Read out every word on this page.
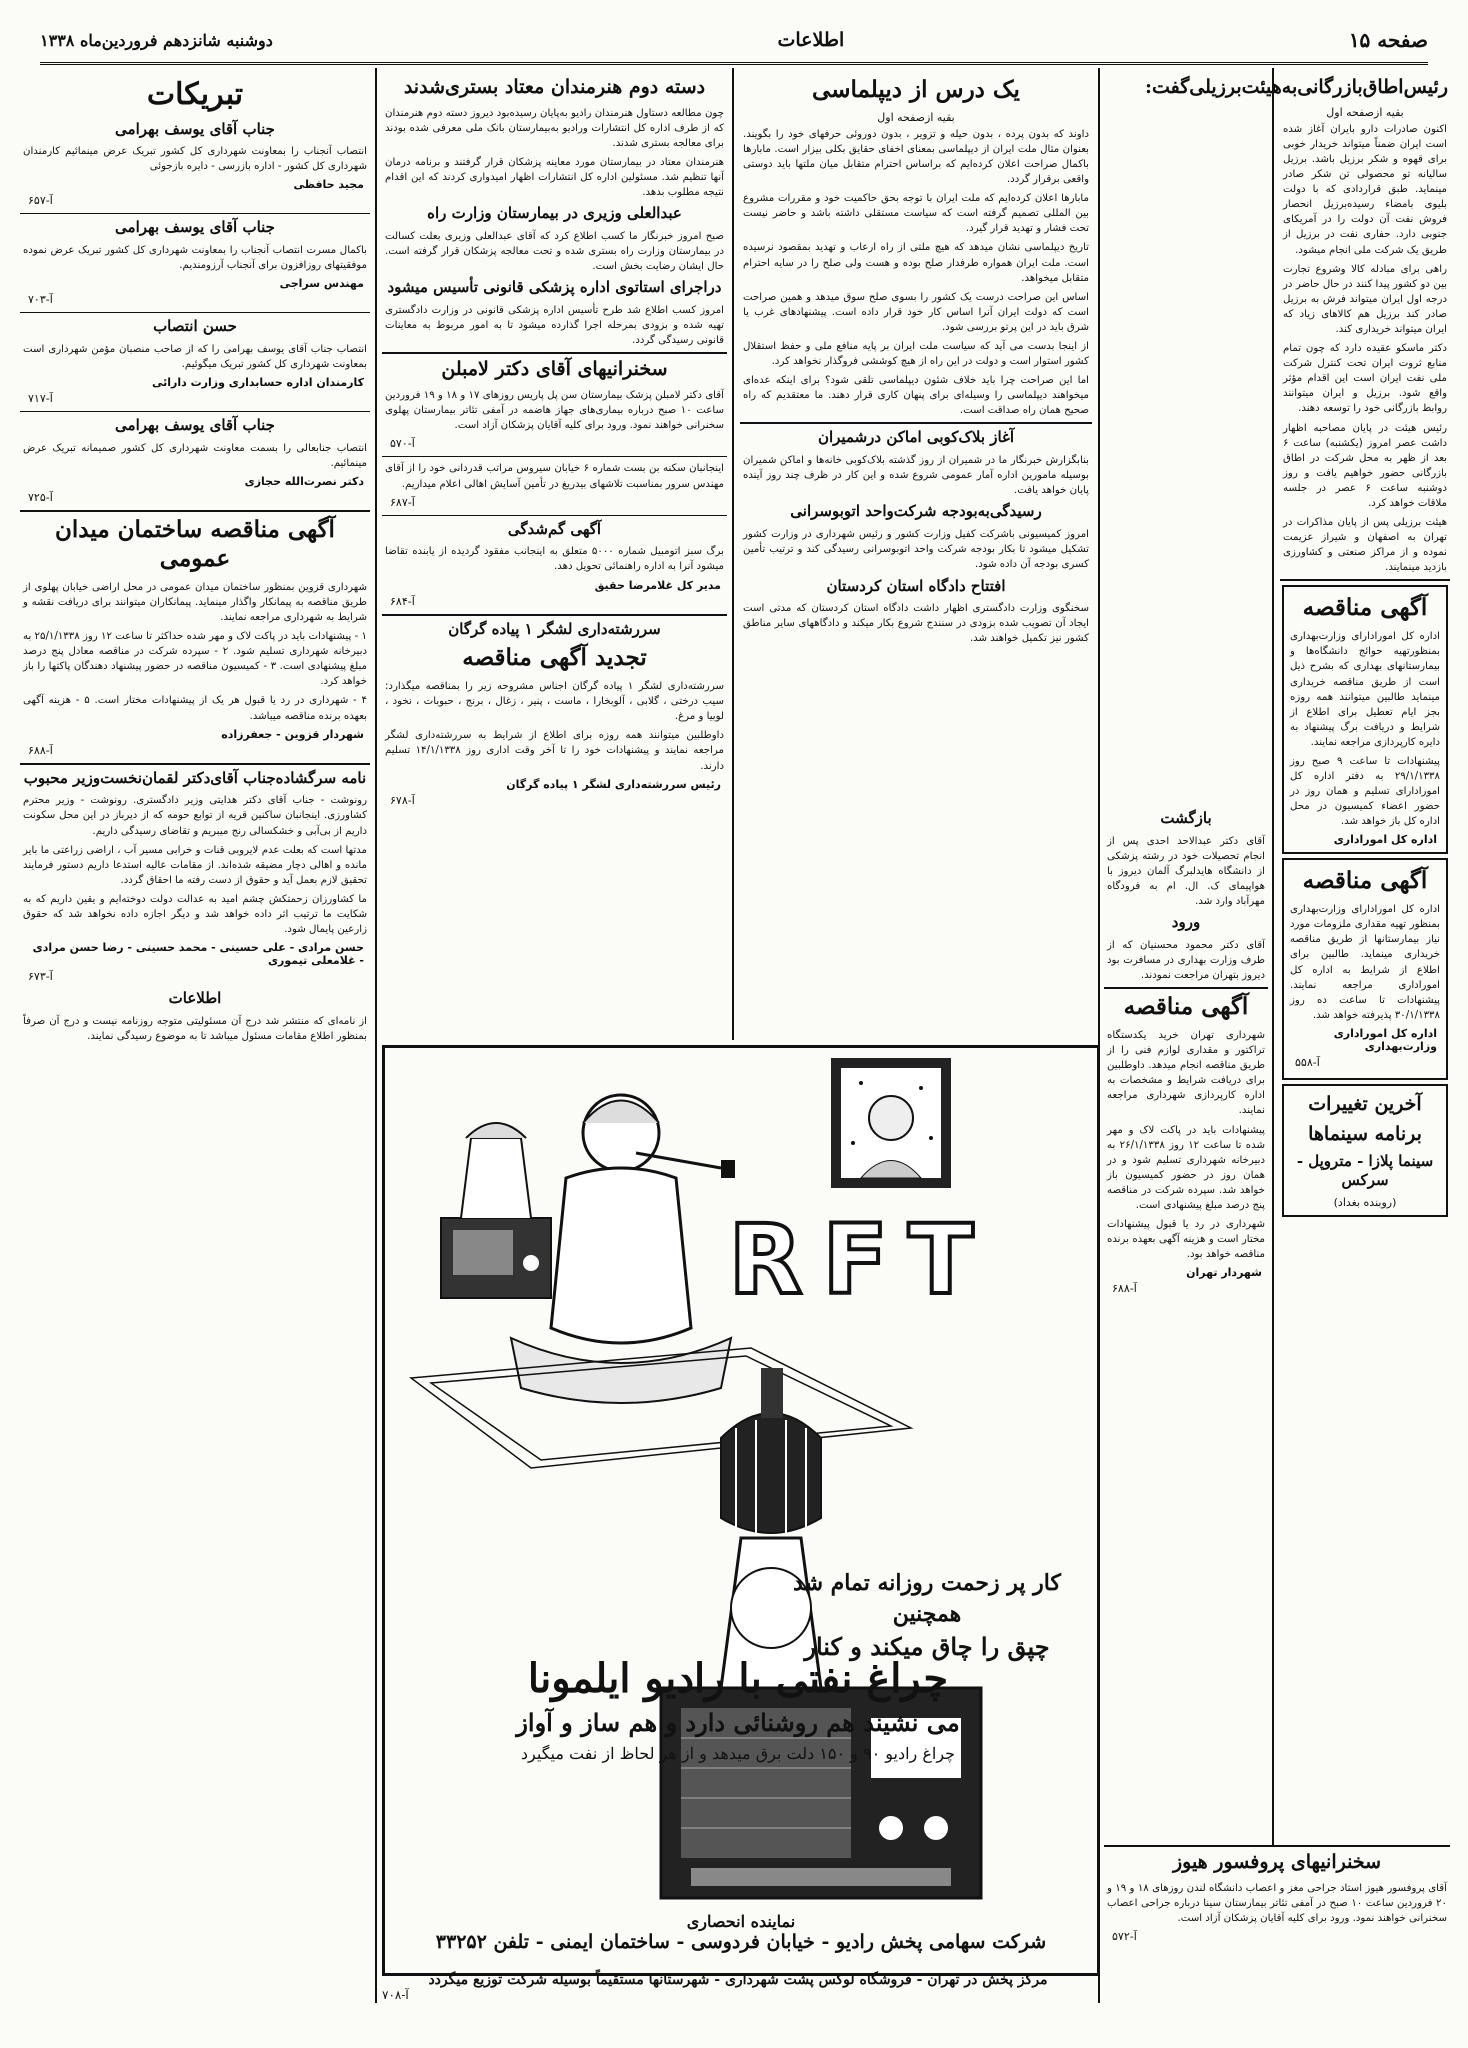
صفحه ۱۵
اطلاعات
دوشنبه شانزدهم فروردین‌ماه ۱۳۳۸
رئیس‌اطاق‌بازرگانی‌به‌هیئت‌برزیلی‌گفت:
بقیه ازصفحه اول

اکنون صادرات دارو بایران آغاز شده است ایران ضمناً میتواند خریدار خوبی برای قهوه و شکر برزیل باشد. برزیل سالیانه تو محصولی تن شکر صادر مینماید. طبق قراردادی که با دولت بلیوی بامضاء رسیده‌برزیل انحصار فروش نفت آن دولت را در آمریکای جنوبی دارد. حفاری نفت در برزیل از طریق یک شرکت ملی انجام میشود.

راهی برای مبادله کالا وشروع تجارت بین دو کشور پیدا کنند در حال حاضر در درجه اول ایران میتواند فرش به برزیل صادر کند برزیل هم کالاهای زیاد که ایران میتواند خریداری کند.

دکتر ماسکو عقیده دارد که چون تمام منابع ثروت ایران تحت کنترل شرکت ملی نفت ایران است این اقدام مؤثر واقع شود. برزیل و ایران میتوانند روابط بازرگانی خود را توسعه دهند.

رئیس هیئت در پایان مصاحبه اظهار داشت عصر امروز (یکشنبه) ساعت ۶ بعد از ظهر به محل شرکت در اطاق بازرگانی حضور خواهیم یافت و روز دوشنبه ساعت ۶ عصر در جلسه ملاقات خواهد کرد.

هیئت برزیلی پس از پایان مذاکرات در تهران به اصفهان و شیراز عزیمت نموده و از مراکز صنعتی و کشاورزی بازدید مینمایند.

آگهی مناقصه

اداره کل امورادارای وزارت‌بهداری بمنظورتهیه حوائج دانشگاه‌ها و بیمارستانهای بهداری که بشرح ذیل است از طریق مناقصه خریداری مینماید طالبین میتوانند همه روزه بجز ایام تعطیل برای اطلاع از شرایط و دریافت برگ پیشنهاد به دایره کارپردازی مراجعه نمایند.

پیشنهادات تا ساعت ۹ صبح روز ۲۹/۱/۱۳۳۸ به دفتر اداره کل امورادارای تسلیم و همان روز در حضور اعضاء کمیسیون در محل اداره کل باز خواهد شد.

اداره کل اموراداری
آگهی مناقصه

اداره کل امورادارای وزارت‌بهداری بمنظور تهیه مقداری ملزومات مورد نیاز بیمارستانها از طریق مناقصه خریداری مینماید. طالبین برای اطلاع از شرایط به اداره کل اموراداری مراجعه نمایند. پیشنهادات تا ساعت ده روز ۳۰/۱/۱۳۳۸ پذیرفته خواهد شد.

اداره کل اموراداری وزارت‌بهداری
آ-۵۵۸
آخرین تغییرات
برنامه سینماها
سینما پلازا - متروپل - سرکس
(روبنده بغداد)
یک درس از دیپلماسی
بقیه ازصفحه اول

داوند که بدون پرده ، بدون حیله و تزویر ، بدون دوروئی حرفهای خود را بگویند. بعنوان مثال ملت ایران از دیپلماسی بمعنای اخفای حقایق بکلی بیزار است. مابارها باکمال صراحت اعلان کرده‌ایم که براساس احترام متقابل میان ملتها باید دوستی واقعی برقرار گردد.

مابارها اعلان کرده‌ایم که ملت ایران با توجه بحق حاکمیت خود و مقررات مشروع بین المللی تصمیم گرفته است که سیاست مستقلی داشته باشد و حاضر نیست تحت فشار و تهدید قرار گیرد.

تاریخ دیپلماسی نشان میدهد که هیچ ملتی از راه ارعاب و تهدید بمقصود نرسیده است. ملت ایران همواره طرفدار صلح بوده و هست ولی صلح را در سایه احترام متقابل میخواهد.

اساس این صراحت درست یک کشور را بسوی صلح سوق میدهد و همین صراحت است که دولت ایران آنرا اساس کار خود قرار داده است. پیشنهادهای غرب یا شرق باید در این پرتو بررسی شود.

از اینجا بدست می آید که سیاست ملت ایران بر پایه منافع ملی و حفظ استقلال کشور استوار است و دولت در این راه از هیچ کوششی فروگذار نخواهد کرد.

اما این صراحت چرا باید خلاف شئون دیپلماسی تلقی شود؟ برای اینکه عده‌ای میخواهند دیپلماسی را وسیله‌ای برای پنهان کاری قرار دهند. ما معتقدیم که راه صحیح همان راه صداقت است.

آغاز بلاک‌کوبی اماکن درشمیران

بنابگزارش خبرنگار ما در شمیران از روز گذشته بلاک‌کوبی خانه‌ها و اماکن شمیران بوسیله مامورین اداره آمار عمومی شروع شده و این کار در ظرف چند روز آینده پایان خواهد یافت.

رسیدگی‌به‌بودجه شرکت‌واحد اتوبوسرانی

امروز کمیسیونی باشرکت کفیل وزارت کشور و رئیس شهرداری در وزارت کشور تشکیل میشود تا بکار بودجه شرکت واحد اتوبوسرانی رسیدگی کند و ترتیب تأمین کسری بودجه آن داده شود.

افتتاح دادگاه استان کردستان

سخنگوی وزارت دادگستری اظهار داشت دادگاه استان کردستان که مدتی است ایجاد آن تصویب شده بزودی در سنندج شروع بکار میکند و دادگاههای سایر مناطق کشور نیز تکمیل خواهند شد.

دسته دوم هنرمندان معتاد بستری‌شدند

چون مطالعه دستاول هنرمندان رادیو به‌پایان رسیده‌بود دیروز دسته دوم هنرمندان که از طرف اداره کل انتشارات ورادیو به‌بیمارستان بانک ملی معرفی شده بودند برای معالجه بستری شدند.

هنرمندان معتاد در بیمارستان مورد معاینه پزشکان قرار گرفتند و برنامه درمان آنها تنظیم شد. مسئولین اداره کل انتشارات اظهار امیدواری کردند که این اقدام نتیجه مطلوب بدهد.

عبدالعلی وزیری در بیمارستان وزارت راه

صبح امروز خبرنگار ما کسب اطلاع کرد که آقای عبدالعلی وزیری بعلت کسالت در بیمارستان وزارت راه بستری شده و تحت معالجه پزشکان قرار گرفته است. حال ایشان رضایت بخش است.

دراجرای استاتوی اداره پزشکی قانونی تأسیس میشود

امروز کسب اطلاع شد طرح تأسیس اداره پزشکی قانونی در وزارت دادگستری تهیه شده و بزودی بمرحله اجرا گذارده میشود تا به امور مربوط به معاینات قانونی رسیدگی گردد.

سخنرانیهای آقای دکتر لامبلن

آقای دکتر لامبلن پزشک بیمارستان سن پل پاریس روزهای ۱۷ و ۱۸ و ۱۹ فروردین ساعت ۱۰ صبح درباره بیماری‌های جهاز هاضمه در آمفی تئاتر بیمارستان پهلوی سخنرانی خواهند نمود. ورود برای کلیه آقایان پزشکان آزاد است.

آ-۵۷۰

اینجانبان سکنه بن بست شماره ۶ خیابان سیروس مراتب قدردانی خود را از آقای مهندس سرور بمناسبت تلاشهای بیدریغ در تأمین آسایش اهالی اعلام میداریم.

آ-۶۸۷
آگهی گم‌شدگی

برگ سبز اتومبیل شماره ۵۰۰۰ متعلق به اینجانب مفقود گردیده از یابنده تقاضا میشود آنرا به اداره راهنمائی تحویل دهد.

مدیر کل غلامرضا حقیق
آ-۶۸۴
سررشته‌داری لشگر ۱ پیاده گرگان
تجدید آگهی مناقصه

سررشته‌داری لشگر ۱ پیاده گرگان اجناس مشروحه زیر را بمناقصه میگذارد: سیب درختی ، گلابی ، آلوبخارا ، ماست ، پنیر ، زغال ، برنج ، حبوبات ، نخود ، لوبیا و مرغ.

داوطلبین میتوانند همه روزه برای اطلاع از شرایط به سررشته‌داری لشگر مراجعه نمایند و پیشنهادات خود را تا آخر وقت اداری روز ۱۴/۱/۱۳۳۸ تسلیم دارند.

رئیس سررشته‌داری لشگر ۱ پیاده گرگان
آ-۶۷۸
تبریکات
جناب آقای یوسف بهرامی

انتصاب آنجناب را بمعاونت شهرداری کل کشور تبریک عرض مینمائیم کارمندان شهرداری کل کشور - اداره بازرسی - دایره بازجوئی

مجید حافظی
آ-۶۵۷
جناب آقای یوسف بهرامی

باکمال مسرت انتصاب آنجناب را بمعاونت شهرداری کل کشور تبریک عرض نموده موفقیتهای روزافزون برای آنجناب آرزومندیم.

مهندس سراجی
آ-۷۰۳
حسن انتصاب

انتصاب جناب آقای یوسف بهرامی را که از صاحب منصبان مؤمن شهرداری است بمعاونت شهرداری کل کشور تبریک میگوئیم.

کارمندان اداره حسابداری وزارت دارائی
آ-۷۱۷
جناب آقای یوسف بهرامی

انتصاب جنابعالی را بسمت معاونت شهرداری کل کشور صمیمانه تبریک عرض مینمائیم.

دکتر نصرت‌الله حجازی
آ-۷۲۵
آگهی مناقصه ساختمان میدان عمومی

شهرداری قزوین بمنظور ساختمان میدان عمومی در محل اراضی خیابان پهلوی از طریق مناقصه به پیمانکار واگذار مینماید. پیمانکاران میتوانند برای دریافت نقشه و شرایط به شهرداری مراجعه نمایند.

۱ - پیشنهادات باید در پاکت لاک و مهر شده حداکثر تا ساعت ۱۲ روز ۲۵/۱/۱۳۳۸ به دبیرخانه شهرداری تسلیم شود. ۲ - سپرده شرکت در مناقصه معادل پنج درصد مبلغ پیشنهادی است. ۳ - کمیسیون مناقصه در حضور پیشنهاد دهندگان پاکتها را باز خواهد کرد.

۴ - شهرداری در رد یا قبول هر یک از پیشنهادات مختار است. ۵ - هزینه آگهی بعهده برنده مناقصه میباشد.

شهردار قزوین - جعفرزاده
آ-۶۸۸
نامه سرگشاده‌جناب آقای‌دکتر لقمان‌نخست‌وزیر محبوب

رونوشت - جناب آقای دکتر هدایتی وزیر دادگستری. رونوشت - وزیر محترم کشاورزی. اینجانبان ساکنین قریه از توابع حومه که از دیرباز در این محل سکونت داریم از بی‌آبی و خشکسالی رنج میبریم و تقاضای رسیدگی داریم.

مدتها است که بعلت عدم لایروبی قنات و خرابی مسیر آب ، اراضی زراعتی ما بایر مانده و اهالی دچار مضیقه شده‌اند. از مقامات عالیه استدعا داریم دستور فرمایند تحقیق لازم بعمل آید و حقوق از دست رفته ما احقاق گردد.

ما کشاورزان زحمتکش چشم امید به عدالت دولت دوخته‌ایم و یقین داریم که به شکایت ما ترتیب اثر داده خواهد شد و دیگر اجازه داده نخواهد شد که حقوق زارعین پایمال شود.

حسن مرادی - علی حسینی - محمد حسینی - رضا حسن مرادی - غلامعلی تیموری
آ-۶۷۳
اطلاعات

از نامه‌ای که منتشر شد درج آن مسئولیتی متوجه روزنامه نیست و درج آن صرفاً بمنظور اطلاع مقامات مسئول میباشد تا به موضوع رسیدگی نمایند.

بازگشت

آقای دکتر عبدالاحد احدی پس از انجام تحصیلات خود در رشته پزشکی از دانشگاه هایدلبرگ آلمان دیروز با هواپیمای ک. ال. ام به فرودگاه مهرآباد وارد شد.

ورود

آقای دکتر محمود محسنیان که از طرف وزارت بهداری در مسافرت بود دیروز بتهران مراجعت نمودند.

آگهی مناقصه

شهرداری تهران خرید یکدستگاه تراکتور و مقداری لوازم فنی را از طریق مناقصه انجام میدهد. داوطلبین برای دریافت شرایط و مشخصات به اداره کارپردازی شهرداری مراجعه نمایند.

پیشنهادات باید در پاکت لاک و مهر شده تا ساعت ۱۲ روز ۲۶/۱/۱۳۳۸ به دبیرخانه شهرداری تسلیم شود و در همان روز در حضور کمیسیون باز خواهد شد. سپرده شرکت در مناقصه پنج درصد مبلغ پیشنهادی است.

شهرداری در رد یا قبول پیشنهادات مختار است و هزینه آگهی بعهده برنده مناقصه خواهد بود.

شهردار تهران
آ-۶۸۸
سخنرانیهای پروفسور هیوز

آقای پروفسور هیوز استاد جراحی مغز و اعصاب دانشگاه لندن روزهای ۱۸ و ۱۹ و ۲۰ فروردین ساعت ۱۰ صبح در آمفی تئاتر بیمارستان سینا درباره جراحی اعصاب سخنرانی خواهند نمود. ورود برای کلیه آقایان پزشکان آزاد است.

آ-۵۷۲
RFT
کار پر زحمت روزانه تمام شد همچنین
چپق را چاق میکند و کنار
چراغ نفتی با رادیو ایلمونا
می نشیند هم روشنائی دارد و هم ساز و آواز
چراغ رادیو ۹۰ و ۱۵۰ دلت برق میدهد و از هر لحاظ از نفت میگیرد
نماینده انحصاری
شرکت سهامی پخش رادیو - خیابان فردوسی - ساختمان ایمنی - تلفن ۳۳۲۵۲
مرکز پخش در تهران - فروشگاه لوکس پشت شهرداری - شهرستانها مستقیماً بوسیله شرکت توزیع میگردد
آ-۷۰۸
